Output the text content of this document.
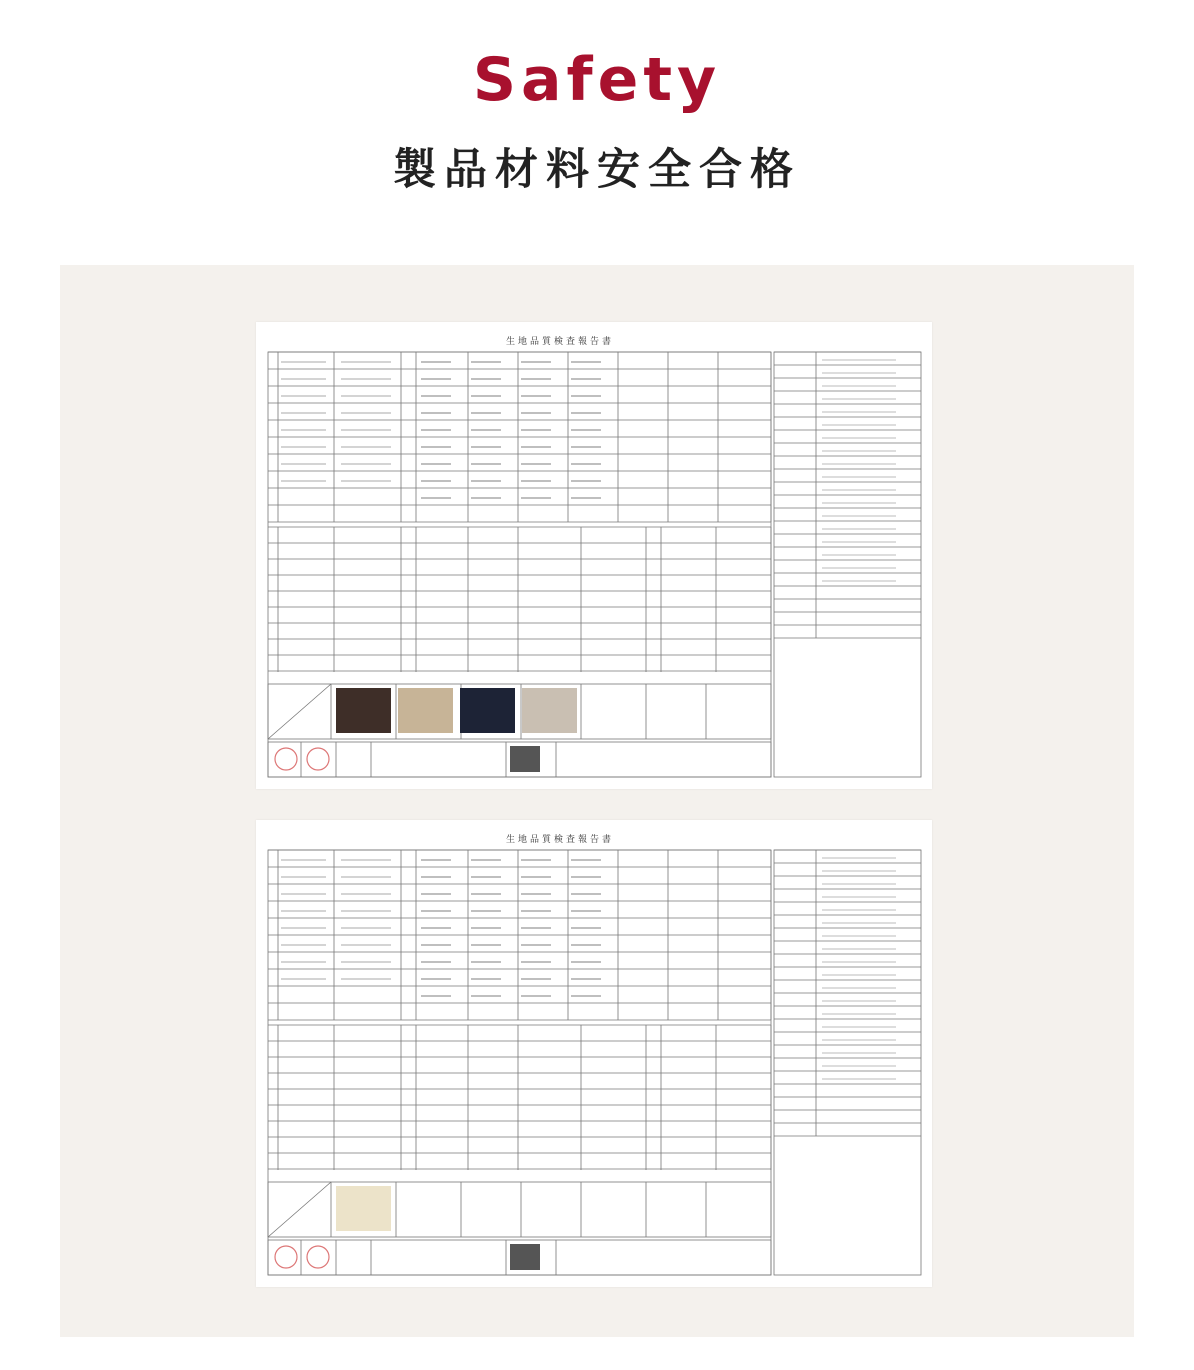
Safety
製品材料安全合格
生地品質検査報告書
生地品質検査報告書
